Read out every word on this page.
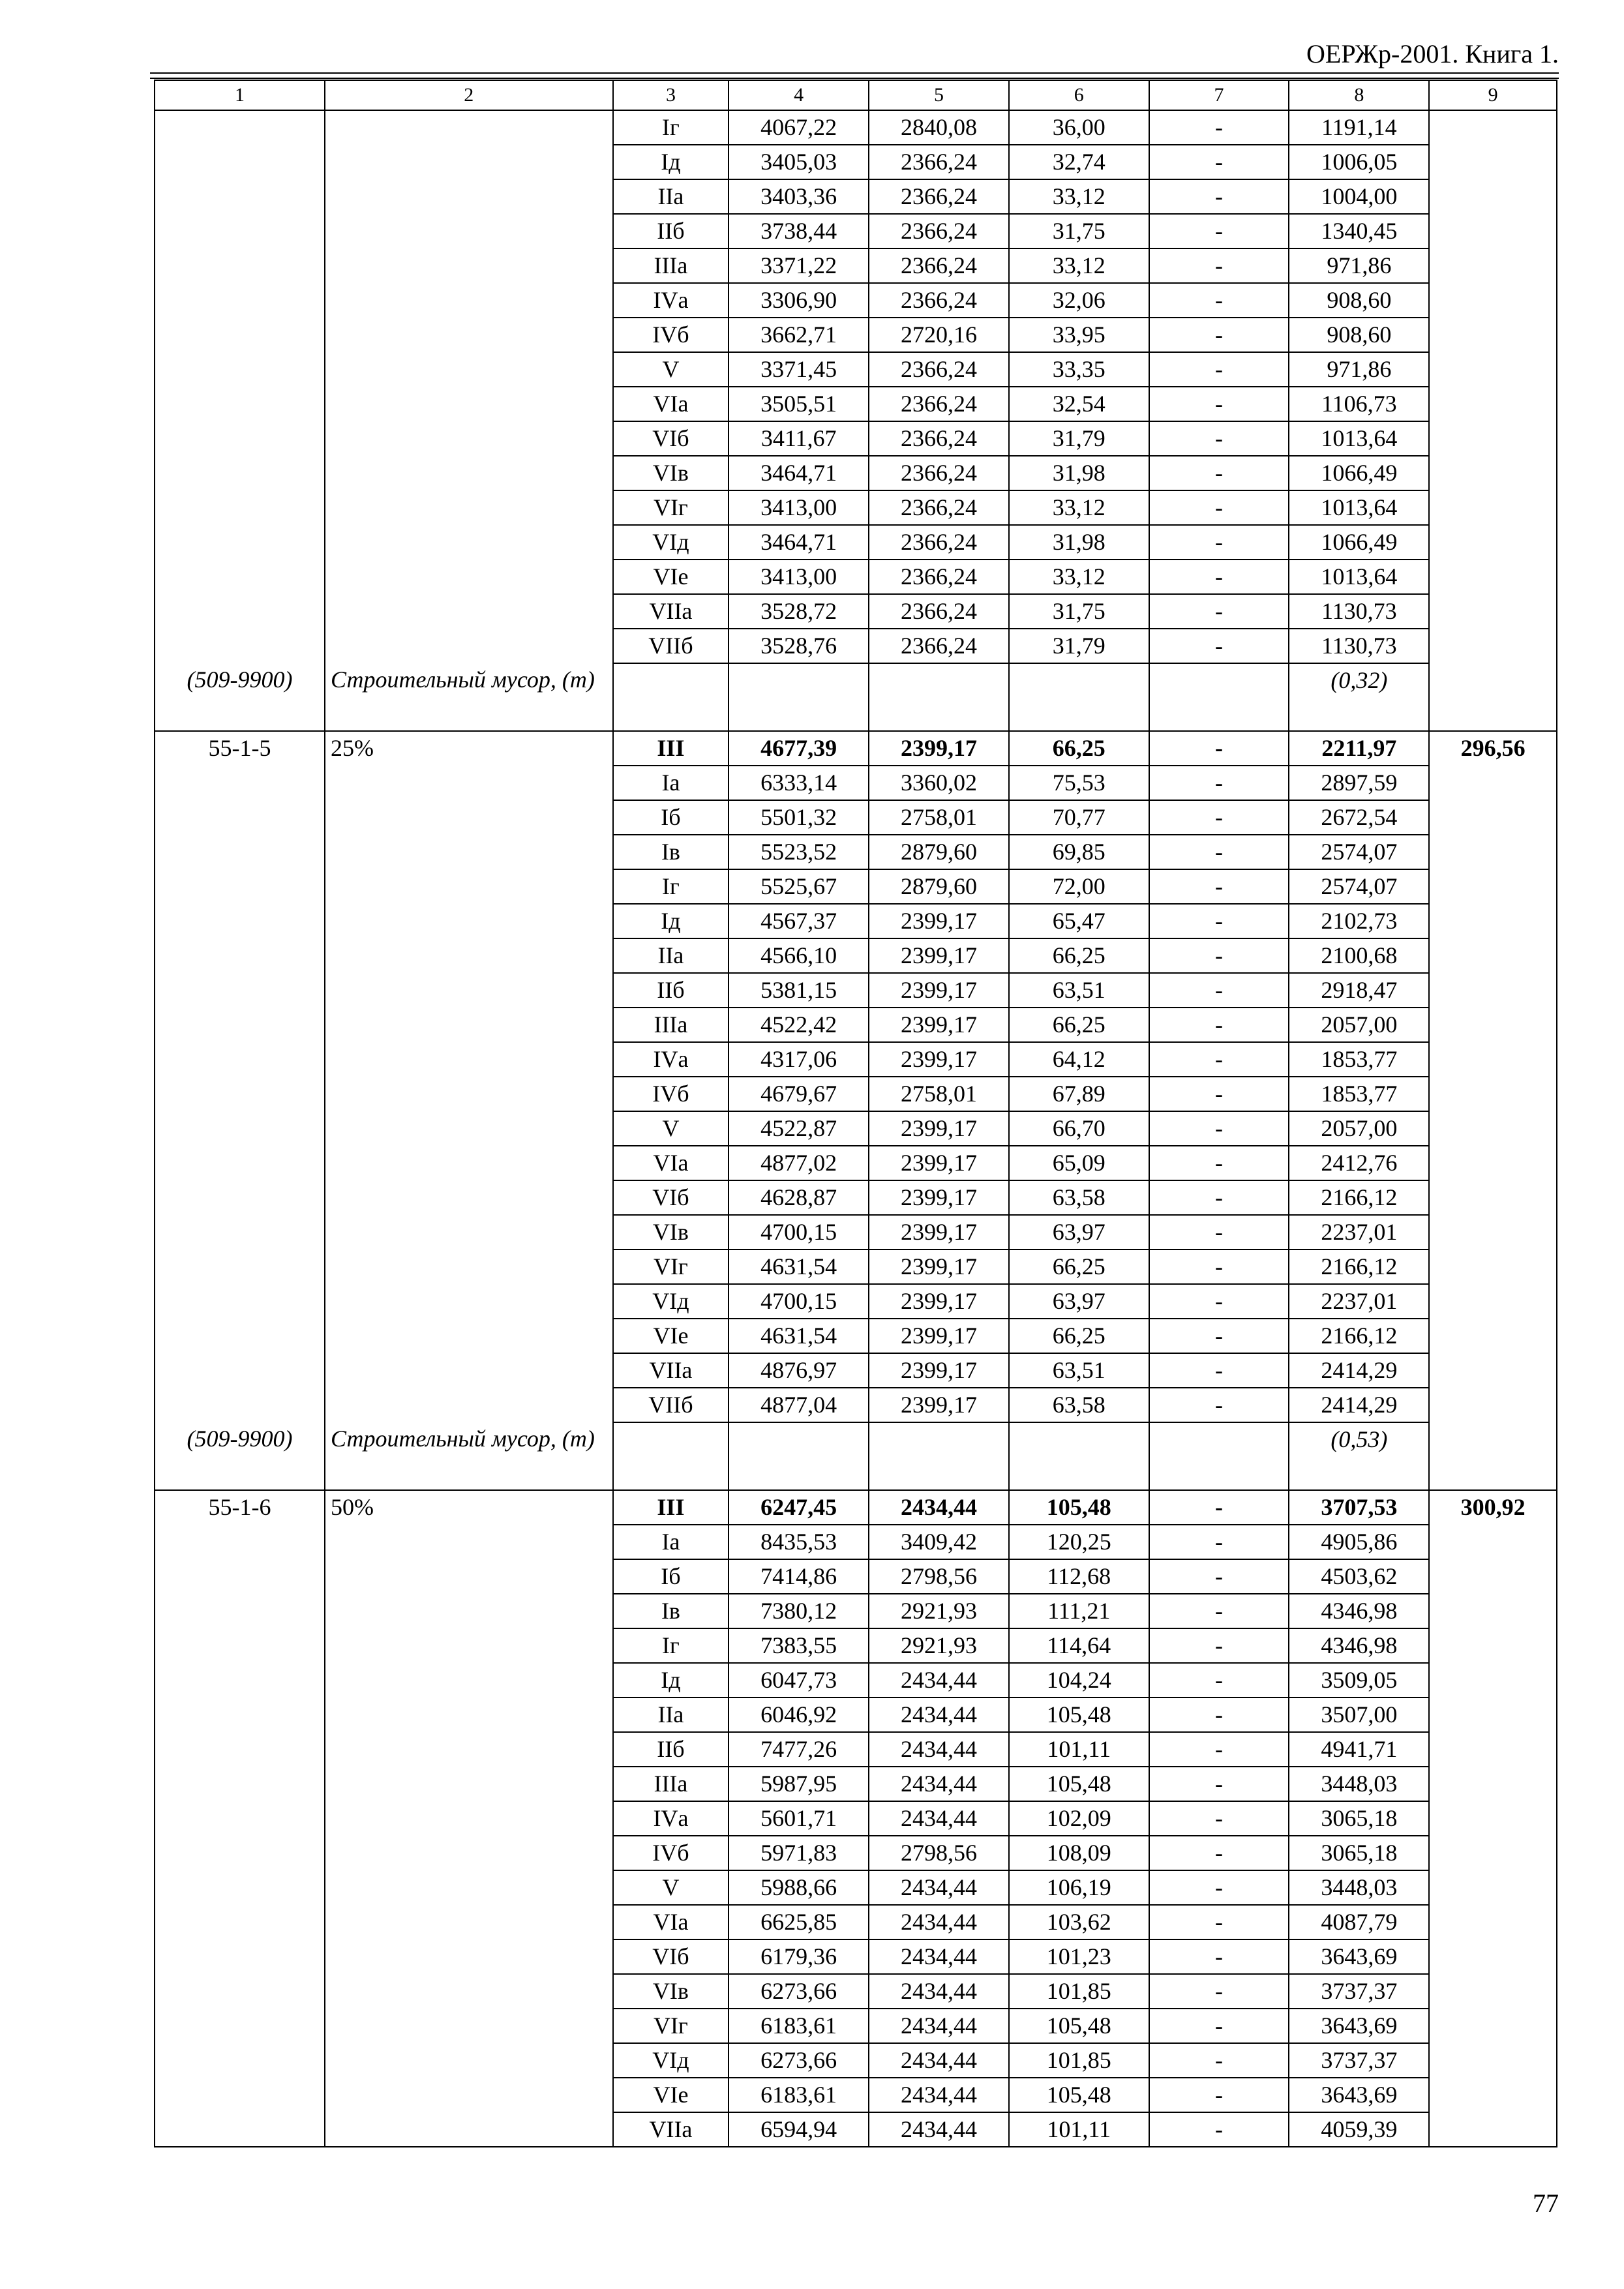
ОЕРЖр-2001. Книга 1.
1	2	3	4	5	6	7	8	9
		Iг	4067,22	2840,08	36,00	-	1191,14	
		Iд	3405,03	2366,24	32,74	-	1006,05	
		IIа	3403,36	2366,24	33,12	-	1004,00	
		IIб	3738,44	2366,24	31,75	-	1340,45	
		IIIа	3371,22	2366,24	33,12	-	971,86	
		IVа	3306,90	2366,24	32,06	-	908,60	
		IVб	3662,71	2720,16	33,95	-	908,60	
		V	3371,45	2366,24	33,35	-	971,86	
		VIа	3505,51	2366,24	32,54	-	1106,73	
		VIб	3411,67	2366,24	31,79	-	1013,64	
		VIв	3464,71	2366,24	31,98	-	1066,49	
		VIг	3413,00	2366,24	33,12	-	1013,64	
		VIд	3464,71	2366,24	31,98	-	1066,49	
		VIе	3413,00	2366,24	33,12	-	1013,64	
		VIIа	3528,72	2366,24	31,75	-	1130,73	
		VIIб	3528,76	2366,24	31,79	-	1130,73	
(509-9900)	Строительный мусор, (т)						(0,32)	
55-1-5	25%	III	4677,39	2399,17	66,25	-	2211,97	296,56
		Iа	6333,14	3360,02	75,53	-	2897,59	
		Iб	5501,32	2758,01	70,77	-	2672,54	
		Iв	5523,52	2879,60	69,85	-	2574,07	
		Iг	5525,67	2879,60	72,00	-	2574,07	
		Iд	4567,37	2399,17	65,47	-	2102,73	
		IIа	4566,10	2399,17	66,25	-	2100,68	
		IIб	5381,15	2399,17	63,51	-	2918,47	
		IIIа	4522,42	2399,17	66,25	-	2057,00	
		IVа	4317,06	2399,17	64,12	-	1853,77	
		IVб	4679,67	2758,01	67,89	-	1853,77	
		V	4522,87	2399,17	66,70	-	2057,00	
		VIа	4877,02	2399,17	65,09	-	2412,76	
		VIб	4628,87	2399,17	63,58	-	2166,12	
		VIв	4700,15	2399,17	63,97	-	2237,01	
		VIг	4631,54	2399,17	66,25	-	2166,12	
		VIд	4700,15	2399,17	63,97	-	2237,01	
		VIе	4631,54	2399,17	66,25	-	2166,12	
		VIIа	4876,97	2399,17	63,51	-	2414,29	
		VIIб	4877,04	2399,17	63,58	-	2414,29	
(509-9900)	Строительный мусор, (т)						(0,53)	
55-1-6	50%	III	6247,45	2434,44	105,48	-	3707,53	300,92
		Iа	8435,53	3409,42	120,25	-	4905,86	
		Iб	7414,86	2798,56	112,68	-	4503,62	
		Iв	7380,12	2921,93	111,21	-	4346,98	
		Iг	7383,55	2921,93	114,64	-	4346,98	
		Iд	6047,73	2434,44	104,24	-	3509,05	
		IIа	6046,92	2434,44	105,48	-	3507,00	
		IIб	7477,26	2434,44	101,11	-	4941,71	
		IIIа	5987,95	2434,44	105,48	-	3448,03	
		IVа	5601,71	2434,44	102,09	-	3065,18	
		IVб	5971,83	2798,56	108,09	-	3065,18	
		V	5988,66	2434,44	106,19	-	3448,03	
		VIа	6625,85	2434,44	103,62	-	4087,79	
		VIб	6179,36	2434,44	101,23	-	3643,69	
		VIв	6273,66	2434,44	101,85	-	3737,37	
		VIг	6183,61	2434,44	105,48	-	3643,69	
		VIд	6273,66	2434,44	101,85	-	3737,37	
		VIе	6183,61	2434,44	105,48	-	3643,69	
		VIIа	6594,94	2434,44	101,11	-	4059,39	
77
